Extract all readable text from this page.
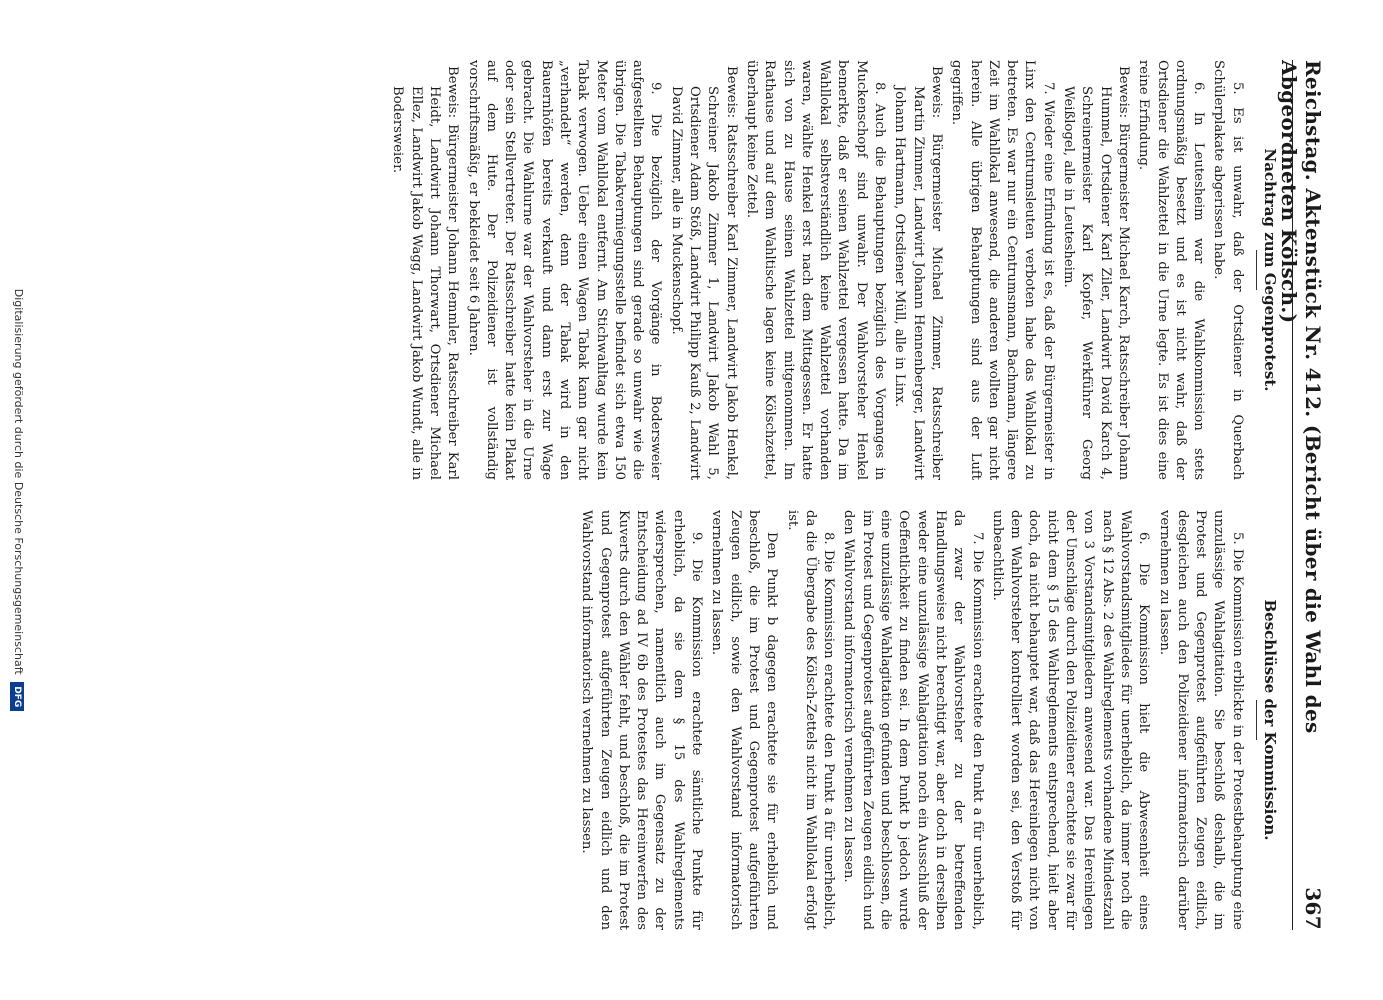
Reichstag. Aktenstück Nr. 412. (Bericht über die Wahl des Abgeordneten Kölsch.)
367
Nachtrag zum Gegenprotest.

5. Es ist unwahr, daß der Ortsdiener in Querbach Schülerplakate abgerissen habe.

6. In Leutesheim war die Wahlkommission stets ordnungsmäßig besetzt und es ist nicht wahr, daß der Ortsdiener die Wahlzettel in die Urne legte. Es ist dies eine reine Erfindung.

Beweis: Bürgermeister Michael Karch, Ratsschreiber Johann Hummel, Ortsdiener Karl Ziler, Landwirt David Karch 4, Schreinermeister Karl Kopfer, Werkführer Georg Weißlogel, alle in Leutesheim.

7. Wieder eine Erfindung ist es, daß der Bürgermeister in Linx den Centrumsleuten verboten habe das Wahllokal zu betreten. Es war nur ein Centrumsmann, Bachmann, längere Zeit im Wahllokal anwesend, die anderen wollten gar nicht herein. Alle übrigen Behauptungen sind aus der Luft gegriffen.

Beweis: Bürgermeister Michael Zimmer, Ratsschreiber Martin Zimmer, Landwirt Johann Hennenberger, Landwirt Johann Hartmann, Ortsdiener Müll, alle in Linx.

8. Auch die Behauptungen bezüglich des Vorganges in Muckenschopf sind unwahr. Der Wahlvorsteher Henkel bemerkte, daß er seinen Wahlzettel vergessen hatte. Da im Wahllokal selbstverständlich keine Wahlzettel vorhanden waren, wählte Henkel erst nach dem Mittagessen. Er hatte sich von zu Hause seinen Wahlzettel mitgenommen. Im Rathause und auf dem Wahltische lagen keine Kölschzettel, überhaupt keine Zettel.

Beweis: Ratsschreiber Karl Zimmer, Landwirt Jakob Henkel, Schreiner Jakob Zimmer 1, Landwirt Jakob Wahl 5, Ortsdiener Adam Stöß, Landwirt Philipp Kauß 2, Landwirt David Zimmer, alle in Muckenschopf.

9. Die bezüglich der Vorgänge in Bodersweier aufgestellten Behauptungen sind gerade so unwahr wie die übrigen. Die Tabakvermiegungsstelle befindet sich etwa 150 Meter vom Wahllokal entfernt. Am Stichwahltag wurde kein Tabak verwogen. Ueber einen Wagen Tabak kann gar nicht „verhandelt“ werden, denn der Tabak wird in den Bauernhöfen bereits verkauft und dann erst zur Wage gebracht. Die Wahlurne war der Wahlvorsteher in die Urne oder sein Stellvertreter. Der Ratsschreiber hatte kein Plakat auf dem Hute. Der Polizeidiener ist vollständig vorschriftsmäßig, er bekleidet seit 6 Jahren.

Beweis: Bürgermeister Johann Hemmler, Ratsschreiber Karl Heidt, Landwirt Johann Thorwart, Ortsdiener Michael Ellez, Landwirt Jakob Wagg, Landwirt Jakob Wundt, alle in Bodersweier.

Beschlüsse der Kommission.

5. Die Kommission erblickte in der Protestbehauptung eine unzulässige Wahlagitation. Sie beschloß deshalb, die im Protest und Gegenprotest aufgeführten Zeugen eidlich, desgleichen auch den Polizeidiener informatorisch darüber vernehmen zu lassen.

6. Die Kommission hielt die Abwesenheit eines Wahlvorstandsmitgliedes für unerheblich, da immer noch die nach § 12 Abs. 2 des Wahlreglements vorhandene Mindestzahl von 3 Vorstandsmitgliedern anwesend war. Das Hereinlegen der Umschläge durch den Polizeidiener erachtete sie zwar für nicht dem § 15 des Wahlreglements entsprechend, hielt aber doch, da nicht behauptet war, daß das Hereinlegen nicht von dem Wahlvorsteher kontrolliert worden sei, den Verstoß für unbeachtlich.

7. Die Kommission erachtete den Punkt a für unerheblich, da zwar der Wahlvorsteher zu der betreffenden Handlungsweise nicht berechtigt war, aber doch in derselben weder eine unzulässige Wahlagitation noch ein Ausschluß der Oeffentlichkeit zu finden sei. In dem Punkt b jedoch wurde eine unzulässige Wahlagitation gefunden und beschlossen, die im Protest und Gegenprotest aufgeführten Zeugen eidlich und den Wahlvorstand informatorisch vernehmen zu lassen.

8. Die Kommission erachtete den Punkt a für unerheblich, da die Übergabe des Kölsch-Zettels nicht im Wahllokal erfolgt ist.

Den Punkt b dagegen erachtete sie für erheblich und beschloß, die im Protest und Gegenprotest aufgeführten Zeugen eidlich, sowie den Wahlvorstand informatorisch vernehmen zu lassen.

9. Die Kommission erachtete sämtliche Punkte für erheblich, da sie dem § 15 des Wahlreglements widersprechen, namentlich auch im Gegensatz zu der Entscheidung ad IV 6b des Protestes das Hereinwerfen des Kuverts durch den Wähler fehlt, und beschloß, die im Protest und Gegenprotest aufgeführten Zeugen eidlich und den Wahlvorstand informatorisch vernehmen zu lassen.

Digitalisierung gefördert durch die Deutsche Forschungsgemeinschaft DFG
